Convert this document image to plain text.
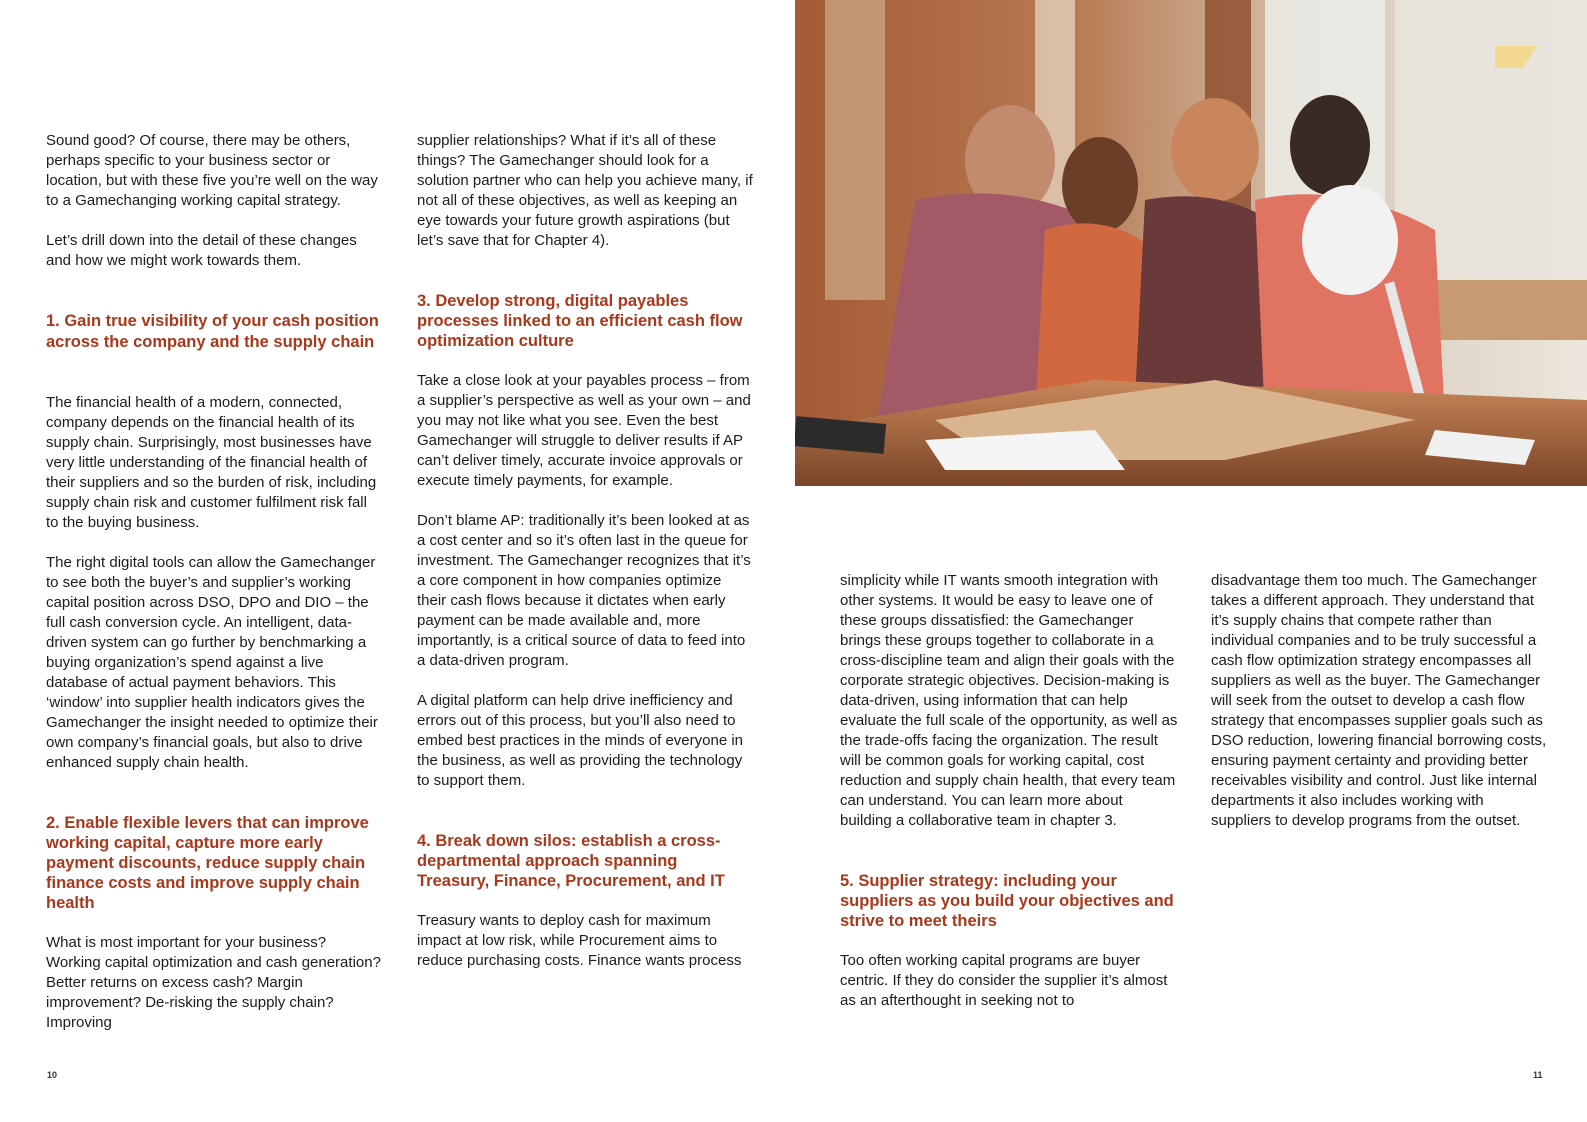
Sound good? Of course, there may be others, perhaps specific to your business sector or location, but with these five you’re well on the way to a Gamechanging working capital strategy.

Let’s drill down into the detail of these changes and how we might work towards them.

1. Gain true visibility of your cash position across the company and the supply chain

The financial health of a modern, connected, company depends on the financial health of its supply chain. Surprisingly, most businesses have very little understanding of the financial health of their suppliers and so the burden of risk, including supply chain risk and customer fulfilment risk fall to the buying business.

The right digital tools can allow the Gamechanger to see both the buyer’s and supplier’s working capital position across DSO, DPO and DIO – the full cash conversion cycle. An intelligent, data-driven system can go further by benchmarking a buying organization’s spend against a live database of actual payment behaviors. This ‘window’ into supplier health indicators gives the Gamechanger the insight needed to optimize their own company’s financial goals, but also to drive enhanced supply chain health.

2. Enable flexible levers that can improve working capital, capture more early payment discounts, reduce supply chain finance costs and improve supply chain health

What is most important for your business? Working capital optimization and cash generation? Better returns on excess cash? Margin improvement? De-risking the supply chain? Improving

supplier relationships? What if it’s all of these things? The Gamechanger should look for a solution partner who can help you achieve many, if not all of these objectives, as well as keeping an eye towards your future growth aspirations (but let’s save that for Chapter 4).

3. Develop strong, digital payables processes linked to an efficient cash flow optimization culture

Take a close look at your payables process – from a supplier’s perspective as well as your own – and you may not like what you see. Even the best Gamechanger will struggle to deliver results if AP can’t deliver timely, accurate invoice approvals or execute timely payments, for example.

Don’t blame AP: traditionally it’s been looked at as a cost center and so it’s often last in the queue for investment. The Gamechanger recognizes that it’s a core component in how companies optimize their cash flows because it dictates when early payment can be made available and, more importantly, is a critical source of data to feed into a data-driven program.

A digital platform can help drive inefficiency and errors out of this process, but you’ll also need to embed best practices in the minds of everyone in the business, as well as providing the technology to support them.

4. Break down silos: establish a cross-departmental approach spanning Treasury, Finance, Procurement, and IT

Treasury wants to deploy cash for maximum impact at low risk, while Procurement aims to reduce purchasing costs. Finance wants process

10

simplicity while IT wants smooth integration with other systems. It would be easy to leave one of these groups dissatisfied: the Gamechanger brings these groups together to collaborate in a cross-discipline team and align their goals with the corporate strategic objectives. Decision-making is data-driven, using information that can help evaluate the full scale of the opportunity, as well as the trade-offs facing the organization. The result will be common goals for working capital, cost reduction and supply chain health, that every team can understand. You can learn more about building a collaborative team in chapter 3.

5. Supplier strategy: including your suppliers as you build your objectives and strive to meet theirs

Too often working capital programs are buyer centric. If they do consider the supplier it’s almost as an afterthought in seeking not to

disadvantage them too much. The Gamechanger takes a different approach. They understand that it’s supply chains that compete rather than individual companies and to be truly successful a cash flow optimization strategy encompasses all suppliers as well as the buyer. The Gamechanger will seek from the outset to develop a cash flow strategy that encompasses supplier goals such as DSO reduction, lowering financial borrowing costs, ensuring payment certainty and providing better receivables visibility and control. Just like internal departments it also includes working with suppliers to develop programs from the outset.

11
